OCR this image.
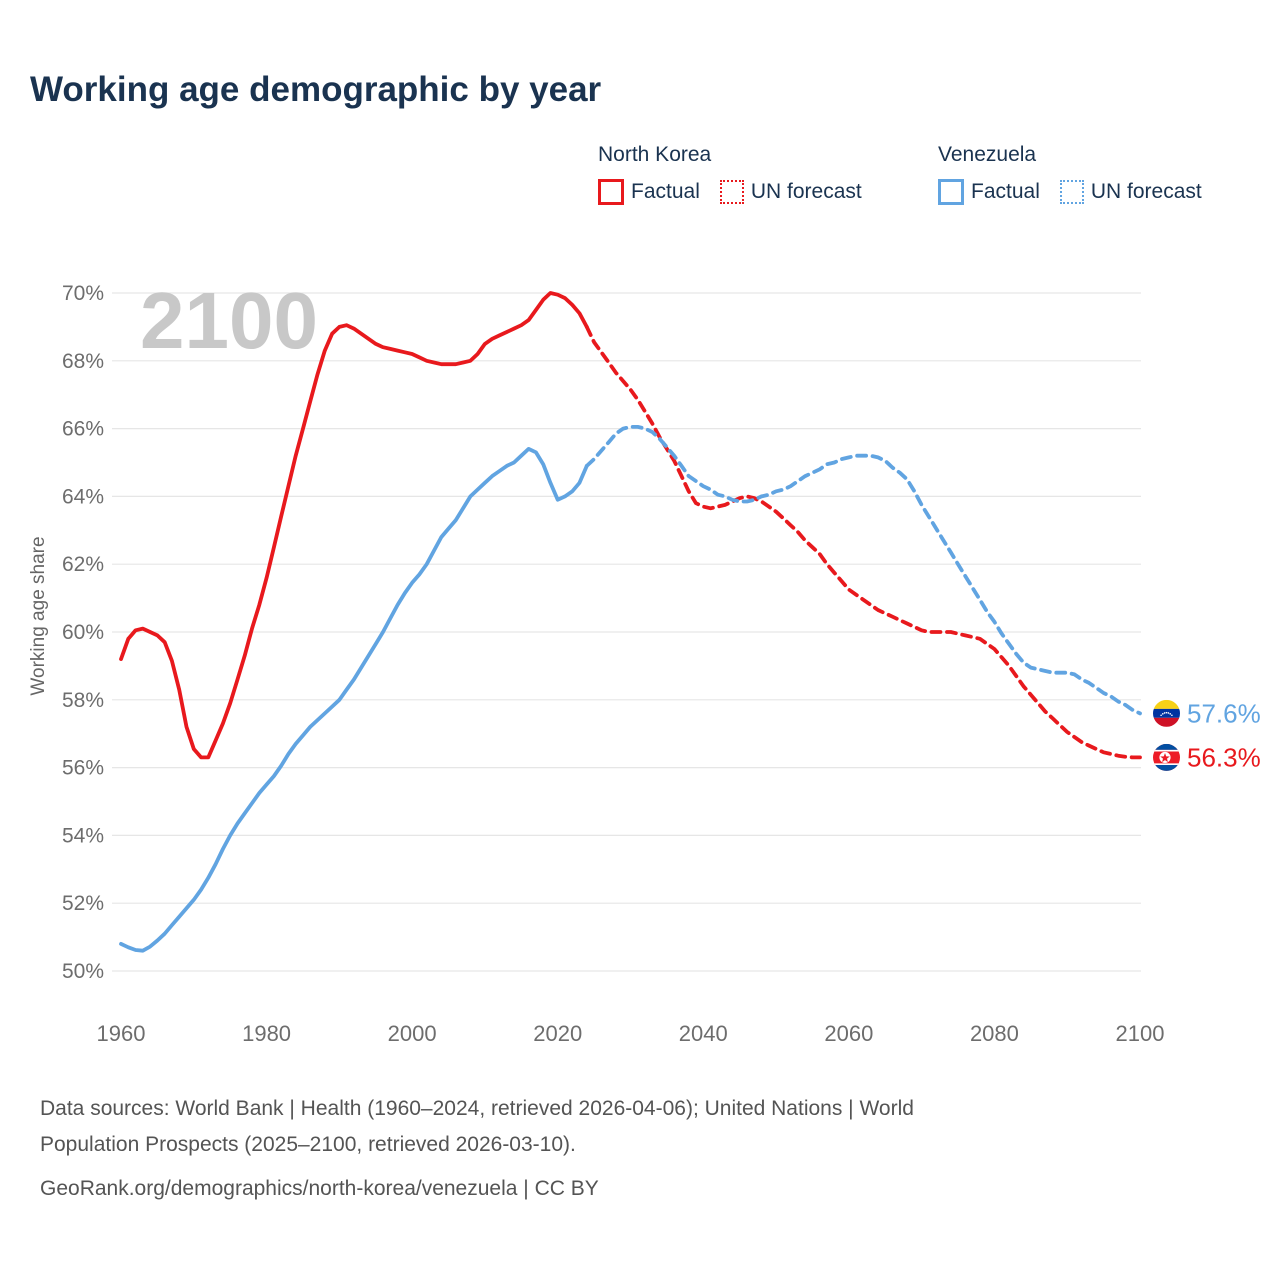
Working age demographic by year
North Korea
Factual UN forecast
Venezuela
Factual UN forecast
2100
50%
52%
54%
56%
58%
60%
62%
64%
66%
68%
70%
1960	1980	2000	2020	2040	2060	2080	2100
Working age share
57.6%
56.3%
Data sources: World Bank | Health (1960–2024, retrieved 2026-04-06); United Nations | World
Population Prospects (2025–2100, retrieved 2026-03-10).
GeoRank.org/demographics/north-korea/venezuela | CC BY
